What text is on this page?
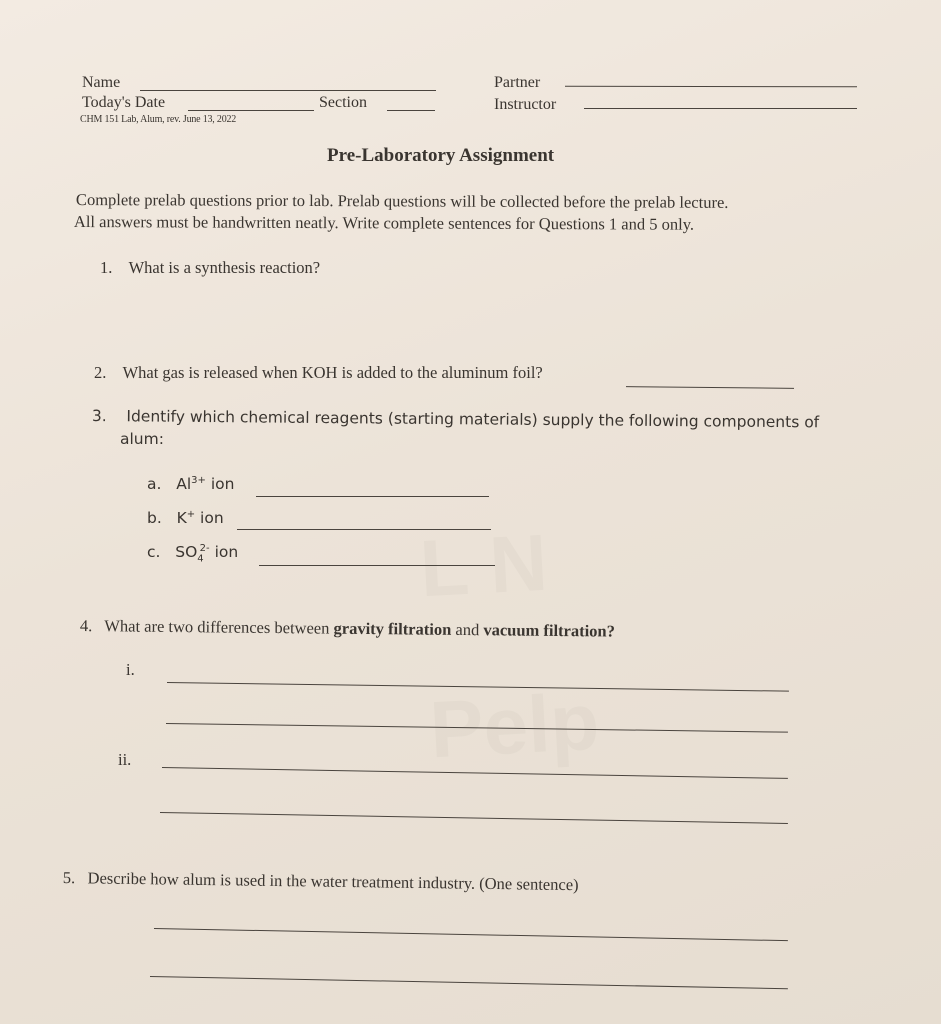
L N
Pelp
Name	Partner
Today's Date	Section	Instructor
CHM 151 Lab, Alum, rev. June 13, 2022
Pre-Laboratory Assignment
Complete prelab questions prior to lab. Prelab questions will be collected before the prelab lecture.
All answers must be handwritten neatly. Write complete sentences for Questions 1 and 5 only.
1. What is a synthesis reaction?
2. What gas is released when KOH is added to the aluminum foil?
3. Identify which chemical reagents (starting materials) supply the following components of
alum:
a. $Al^{3+}$ ion
b. K+ ion
c. $SO_4^{2-}$ ion
4. What are two differences between gravity filtration and vacuum filtration?
i.
ii.
5. Describe how alum is used in the water treatment industry. (One sentence)
